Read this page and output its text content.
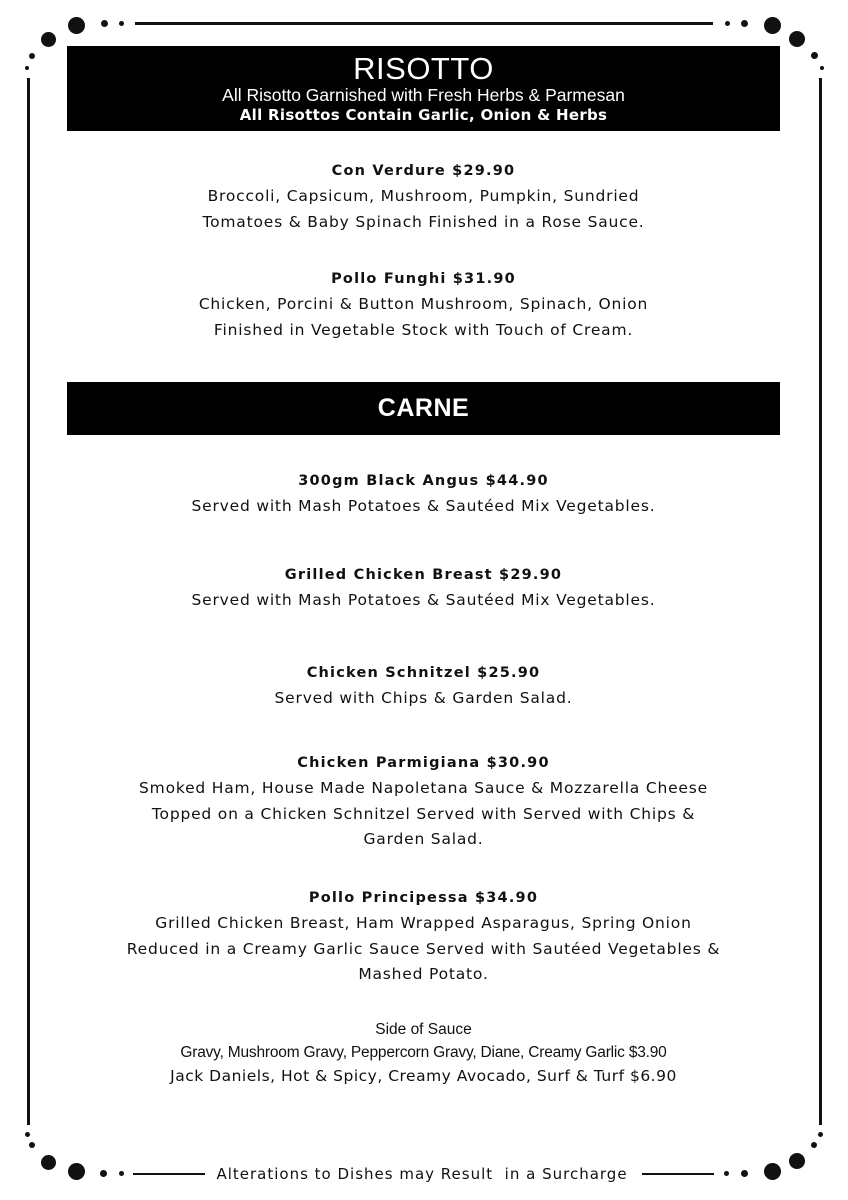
RISOTTO
All Risotto Garnished with Fresh Herbs & Parmesan
All Risottos Contain Garlic, Onion & Herbs
Con Verdure $29.90
Broccoli, Capsicum, Mushroom, Pumpkin, Sundried
Tomatoes & Baby Spinach Finished in a Rose Sauce.
Pollo Funghi $31.90
Chicken, Porcini & Button Mushroom, Spinach, Onion
Finished in Vegetable Stock with Touch of Cream.
CARNE
300gm Black Angus $44.90
Served with Mash Potatoes & Sautéed Mix Vegetables.
Grilled Chicken Breast $29.90
Served with Mash Potatoes & Sautéed Mix Vegetables.
Chicken Schnitzel $25.90
Served with Chips & Garden Salad.
Chicken Parmigiana $30.90
Smoked Ham, House Made Napoletana Sauce & Mozzarella Cheese
Topped on a Chicken Schnitzel Served with Served with Chips &
Garden Salad.
Pollo Principessa $34.90
Grilled Chicken Breast, Ham Wrapped Asparagus, Spring Onion
Reduced in a Creamy Garlic Sauce Served with Sautéed Vegetables &
Mashed Potato.
Side of Sauce
Gravy, Mushroom Gravy, Peppercorn Gravy, Diane, Creamy Garlic $3.90
Jack Daniels, Hot & Spicy, Creamy Avocado, Surf & Turf $6.90
Alterations to Dishes may Result  in a Surcharge
